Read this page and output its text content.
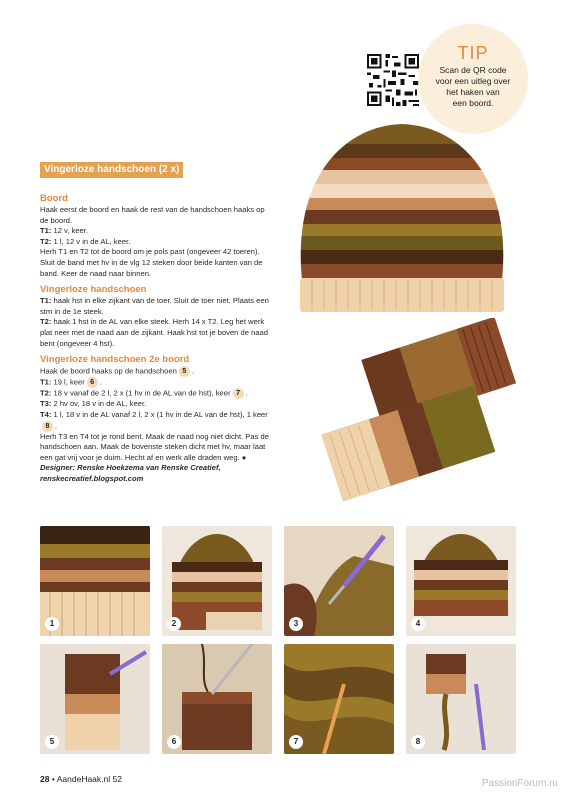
TIP
Scan de QR code
voor een uitleg over
het haken van
een boord.
Vingerloze handschoen (2 x)
Boord
Haak eerst de boord en haak de rest van de handschoen haaks op de boord.
T1: 12 v, keer.
T2: 1 l, 12 v in de AL, keer.
Herh T1 en T2 tot de boord om je pols past (ongeveer 42 toeren). Sluit de band met hv in de vlg 12 steken door beide kanten van de band. Keer de naad naar binnen.
Vingerloze handschoen
T1: haak hst in elke zijkant van de toer. Sluit de toer niet. Plaats een stm in de 1e steek.
T2: haak 1 hst in de AL van elke steek. Herh 14 x T2. Leg het werk plat neer met de naad aan de zijkant. Haak hst tot je boven de naad bent (ongeveer 4 hst).
Vingerloze handschoen 2e boord
Haak de boord haaks op de handschoen 5 .
T1: 19 l, keer 6 .
T2: 18 v vanaf de 2 l, 2 x (1 hv in de AL van de hst), keer 7 .
T3: 2 hv ov, 18 v in de AL, keer.
T4: 1 l, 18 v in de AL vanaf 2 l, 2 x (1 hv in de AL van de hst), 1 keer8 .
Herh T3 en T4 tot je rond bent. Maak de naad nog niet dicht. Pas de handschoen aan. Maak de bovenste steken dicht met hv, maar laat een gat vrij voor je duim. Hecht af en werk alle draden weg. ●
Designer: Renske Hoekzema van Renske Creatief,
renskecreatief.blogspot.com
1	2	3	4
5	6	7	8
28 • AandeHaak.nl 52	PassionForum.ru
